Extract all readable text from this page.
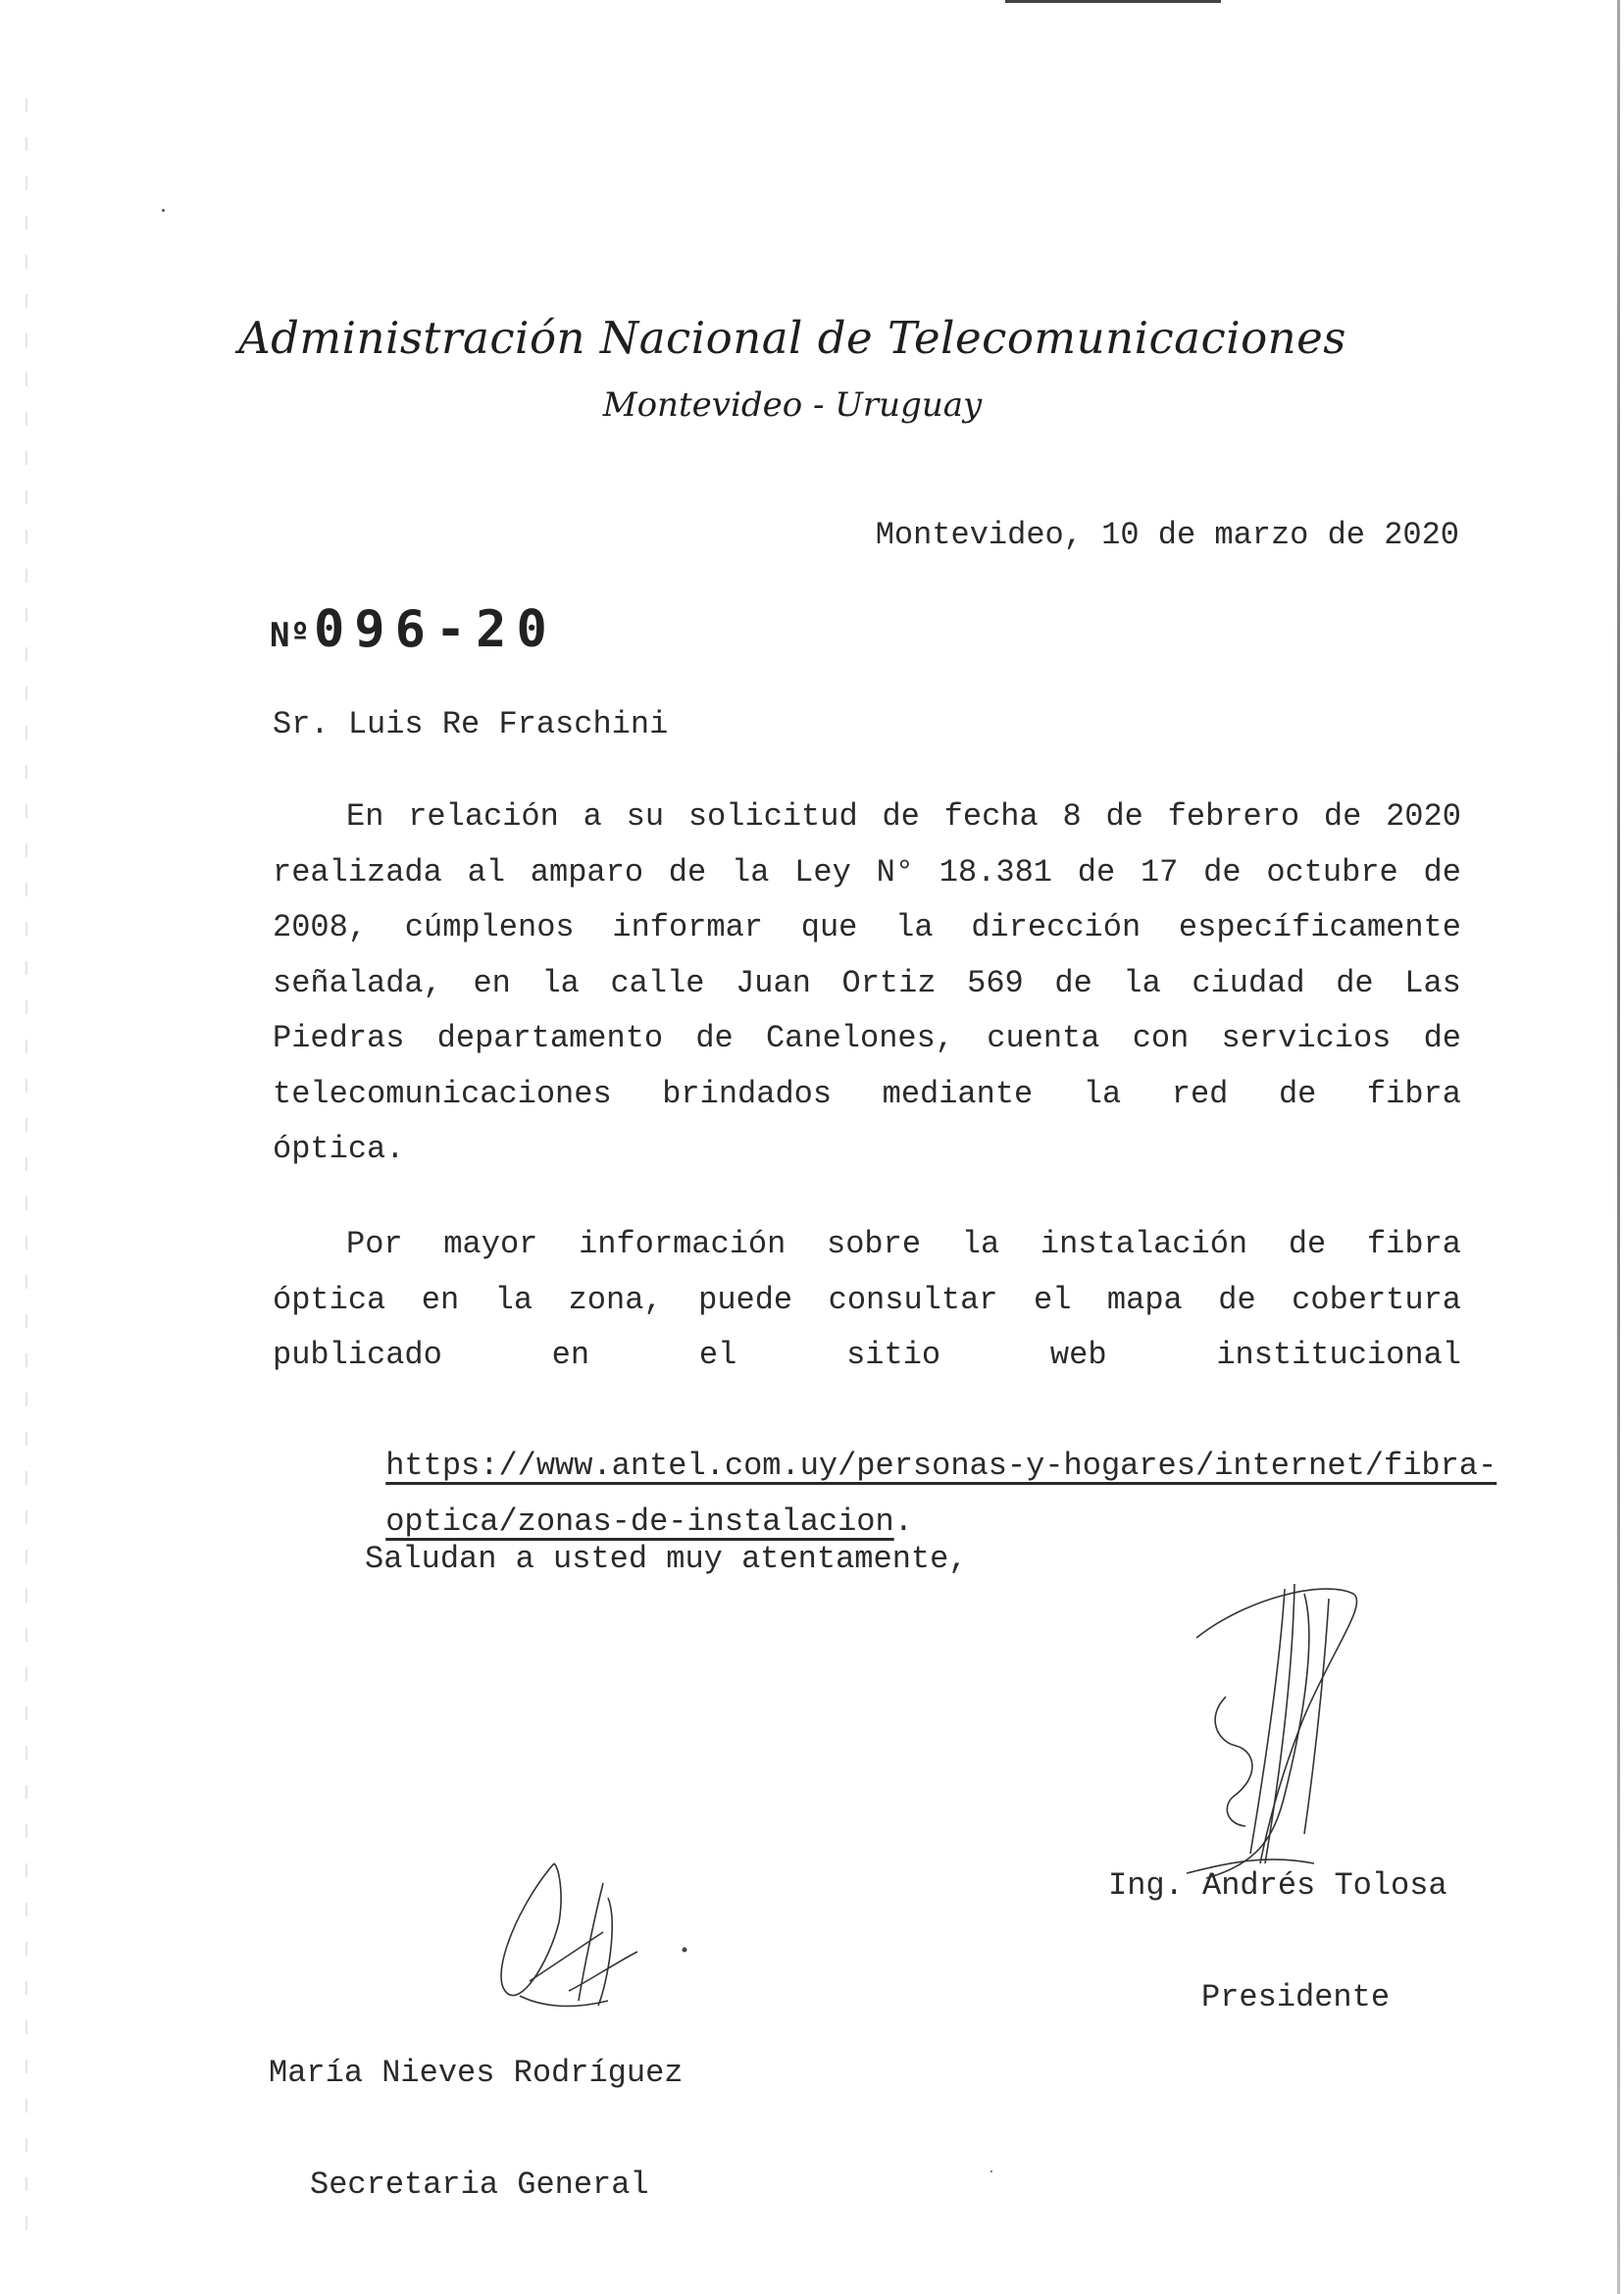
Administración Nacional de Telecomunicaciones
Montevideo - Uruguay
Montevideo, 10 de marzo de 2020
Nº096-20
Sr. Luis Re Fraschini
En relación a su solicitud de fecha 8 de febrero de 2020
realizada al amparo de la Ley N° 18.381 de 17 de octubre de
2008, cúmplenos informar que la dirección específicamente
señalada, en la calle Juan Ortiz 569 de la ciudad de Las
Piedras departamento de Canelones, cuenta con servicios de
telecomunicaciones brindados mediante la red de fibra
óptica.
Por mayor información sobre la instalación de fibra
óptica en la zona, puede consultar el mapa de cobertura
publicado	en	el	sitio	web	institucional

https://www.antel.com.uy/personas-y-hogares/internet/fibra-

optica/zonas-de-instalacion.

Saludan a usted muy atentamente,

Ing. Andrés Tolosa

Presidente

María Nieves Rodríguez

Secretaria General
